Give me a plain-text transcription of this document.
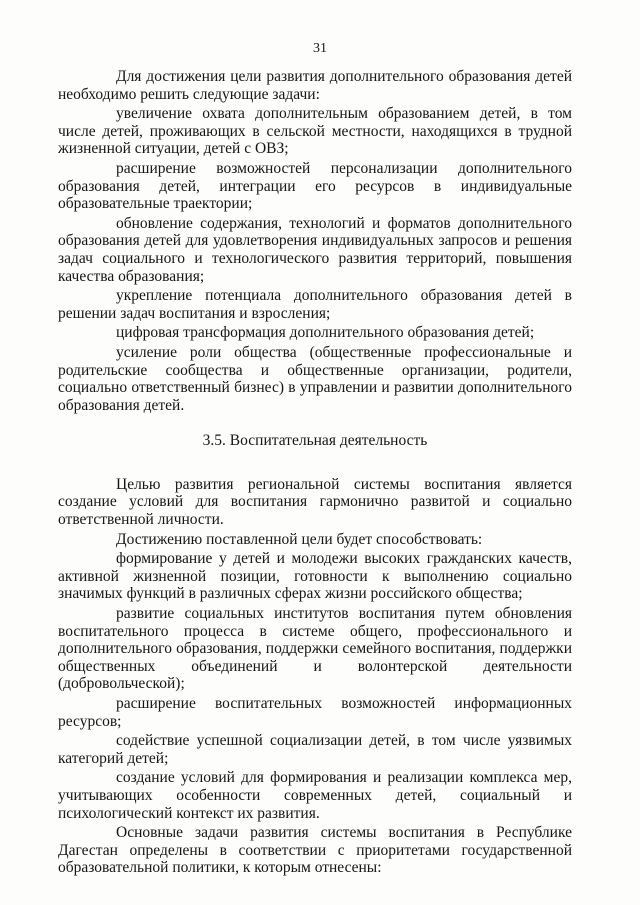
31

Для достижения цели развития дополнительного образования детей необходимо решить следующие задачи:

увеличение охвата дополнительным образованием детей, в том числе детей, проживающих в сельской местности, находящихся в трудной жизненной ситуации, детей с ОВЗ;

расширение возможностей персонализации дополнительного образования детей, интеграции его ресурсов в индивидуальные образовательные траектории;

обновление содержания, технологий и форматов дополнительного образования детей для удовлетворения индивидуальных запросов и решения задач социального и технологического развития территорий, повышения качества образования;

укрепление потенциала дополнительного образования детей в решении задач воспитания и взросления;

цифровая трансформация дополнительного образования детей;

усиление роли общества (общественные профессиональные и родительские сообщества и общественные организации, родители, социально ответственный бизнес) в управлении и развитии дополнительного образования детей.

3.5. Воспитательная деятельность

Целью развития региональной системы воспитания является создание условий для воспитания гармонично развитой и социально ответственной личности.

Достижению поставленной цели будет способствовать:

формирование у детей и молодежи высоких гражданских качеств, активной жизненной позиции, готовности к выполнению социально значимых функций в различных сферах жизни российского общества;

развитие социальных институтов воспитания путем обновления воспитательного процесса в системе общего, профессионального и дополнительного образования, поддержки семейного воспитания, поддержки общественных объединений и волонтерской деятельности (добровольческой);

расширение воспитательных возможностей информационных ресурсов;

содействие успешной социализации детей, в том числе уязвимых категорий детей;

создание условий для формирования и реализации комплекса мер, учитывающих особенности современных детей, социальный и психологический контекст их развития.

Основные задачи развития системы воспитания в Республике Дагестан определены в соответствии с приоритетами государственной образовательной политики, к которым отнесены:
